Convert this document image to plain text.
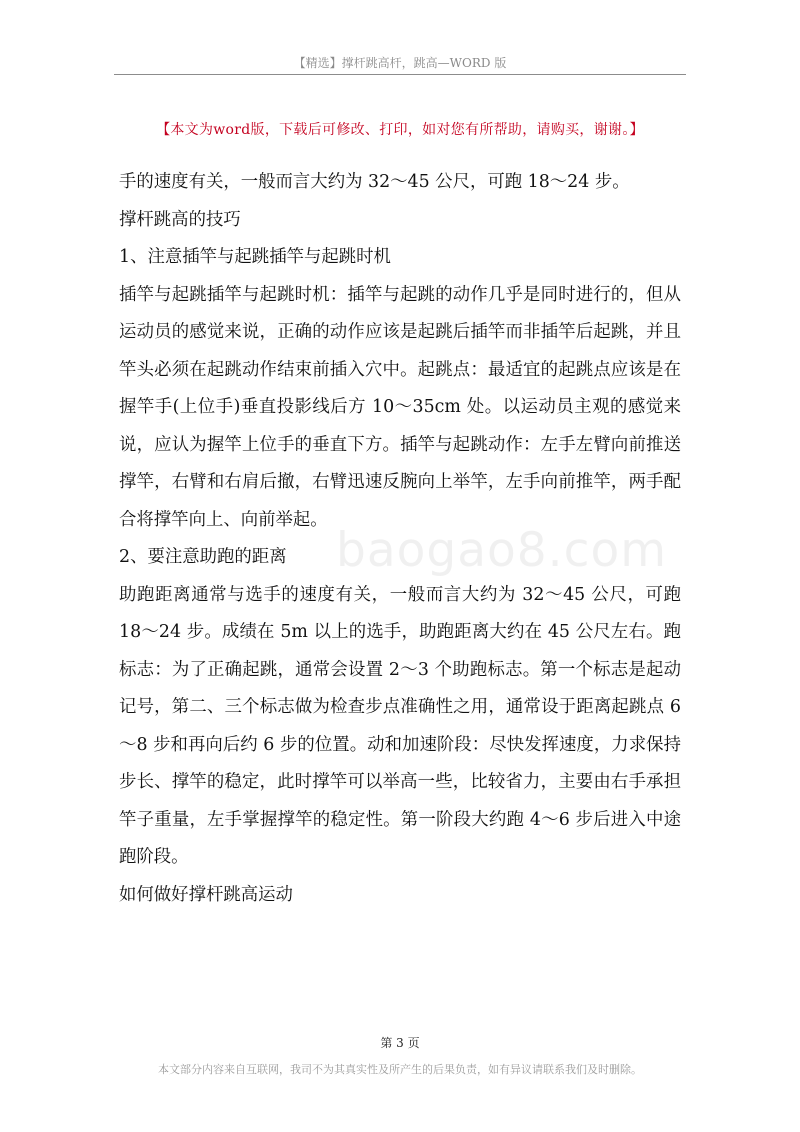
【精选】撑杆跳高杆，跳高—WORD 版
【本文为word版，下载后可修改、打印，如对您有所帮助，请购买，谢谢。】
baogao8.com

手的速度有关，一般而言大约为 32～45 公尺，可跑 18～24 步。

撑杆跳高的技巧

1、注意插竿与起跳插竿与起跳时机

插竿与起跳插竿与起跳时机：插竿与起跳的动作几乎是同时进行的，但从运动员的感觉来说，正确的动作应该是起跳后插竿而非插竿后起跳，并且竿头必须在起跳动作结束前插入穴中。起跳点：最适宜的起跳点应该是在握竿手(上位手)垂直投影线后方 10～35cm 处。以运动员主观的感觉来说，应认为握竿上位手的垂直下方。插竿与起跳动作：左手左臂向前推送撑竿，右臂和右肩后撤，右臂迅速反腕向上举竿，左手向前推竿，两手配合将撑竿向上、向前举起。

2、要注意助跑的距离

助跑距离通常与选手的速度有关，一般而言大约为 32～45 公尺，可跑 18～24 步。成绩在 5m 以上的选手，助跑距离大约在 45 公尺左右。跑标志：为了正确起跳，通常会设置 2～3 个助跑标志。第一个标志是起动记号，第二、三个标志做为检查步点准确性之用，通常设于距离起跳点 6～8 步和再向后约 6 步的位置。动和加速阶段：尽快发挥速度，力求保持步长、撑竿的稳定，此时撑竿可以举高一些，比较省力，主要由右手承担竿子重量，左手掌握撑竿的稳定性。第一阶段大约跑 4～6 步后进入中途跑阶段。

如何做好撑杆跳高运动

第 3 页
本文部分内容来自互联网，我司不为其真实性及所产生的后果负责，如有异议请联系我们及时删除。
